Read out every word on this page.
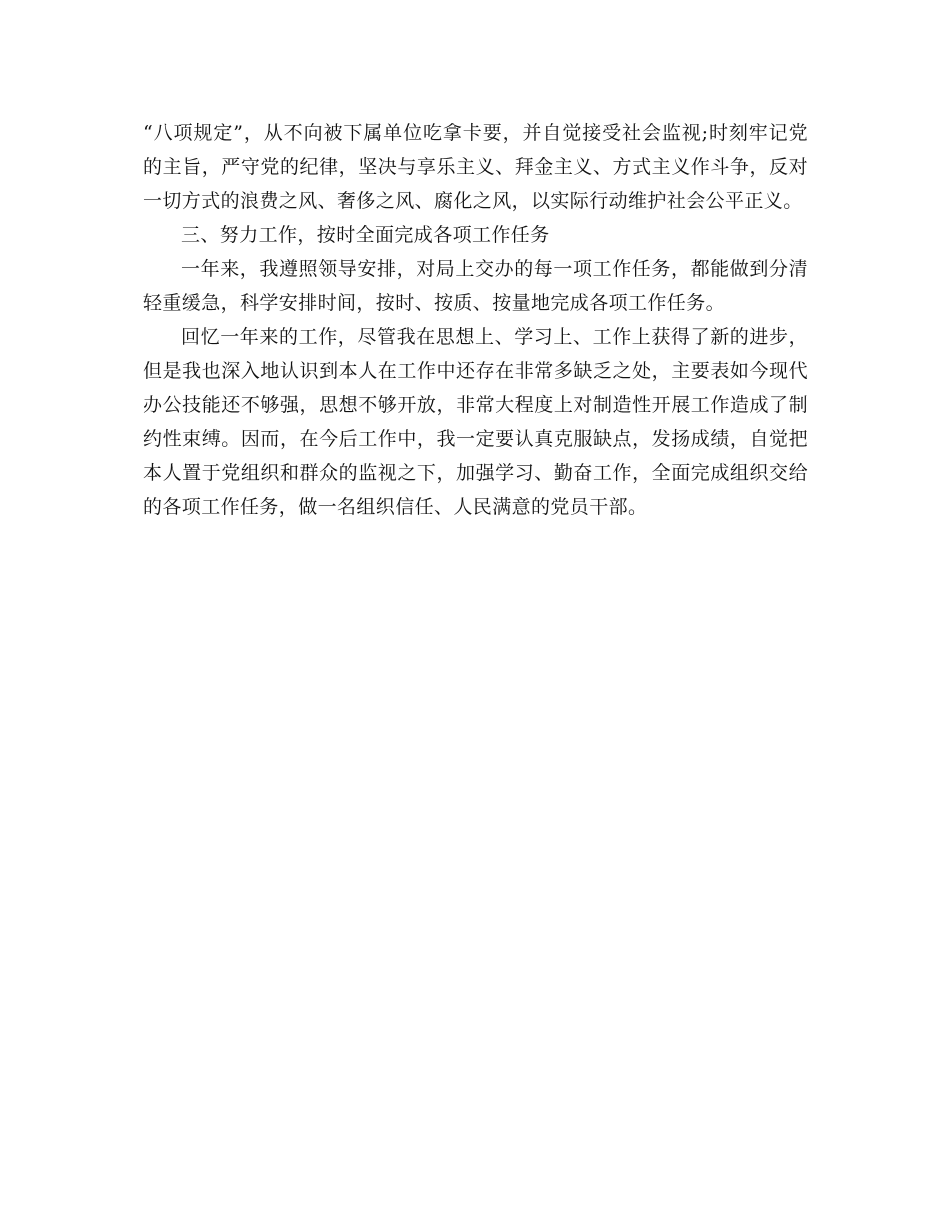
“八项规定”，从不向被下属单位吃拿卡要，并自觉接受社会监视;时刻牢记党的主旨，严守党的纪律，坚决与享乐主义、拜金主义、方式主义作斗争，反对一切方式的浪费之风、奢侈之风、腐化之风，以实际行动维护社会公平正义。

三、努力工作，按时全面完成各项工作任务

一年来，我遵照领导安排，对局上交办的每一项工作任务，都能做到分清轻重缓急，科学安排时间，按时、按质、按量地完成各项工作任务。

回忆一年来的工作，尽管我在思想上、学习上、工作上获得了新的进步，但是我也深入地认识到本人在工作中还存在非常多缺乏之处，主要表如今现代办公技能还不够强，思想不够开放，非常大程度上对制造性开展工作造成了制约性束缚。因而，在今后工作中，我一定要认真克服缺点，发扬成绩，自觉把本人置于党组织和群众的监视之下，加强学习、勤奋工作，全面完成组织交给的各项工作任务，做一名组织信任、人民满意的党员干部。
